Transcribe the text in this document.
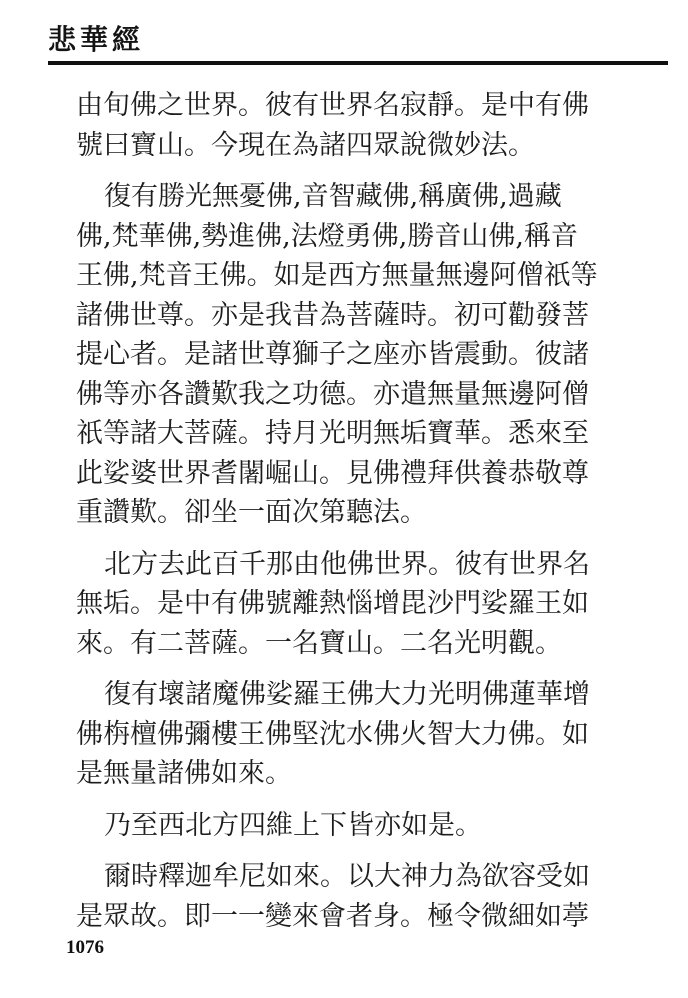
悲華經

由旬佛之世界。彼有世界名寂靜。是中有佛
號曰寶山。今現在為諸四眾說微妙法。

復有勝光無憂佛,音智藏佛,稱廣佛,過藏
佛,梵華佛,勢進佛,法燈勇佛,勝音山佛,稱音
王佛,梵音王佛。如是西方無量無邊阿僧祇等
諸佛世尊。亦是我昔為菩薩時。初可勸發菩
提心者。是諸世尊獅子之座亦皆震動。彼諸
佛等亦各讚歎我之功德。亦遣無量無邊阿僧
祇等諸大菩薩。持月光明無垢寶華。悉來至
此娑婆世界耆闍崛山。見佛禮拜供養恭敬尊
重讚歎。卻坐一面次第聽法。

北方去此百千那由他佛世界。彼有世界名
無垢。是中有佛號離熱惱增毘沙門娑羅王如
來。有二菩薩。一名寶山。二名光明觀。

復有壞諸魔佛娑羅王佛大力光明佛蓮華增
佛栴檀佛彌樓王佛堅沈水佛火智大力佛。如
是無量諸佛如來。

乃至西北方四維上下皆亦如是。

爾時釋迦牟尼如來。以大神力為欲容受如
是眾故。即一一變來會者身。極令微細如葶

1076
